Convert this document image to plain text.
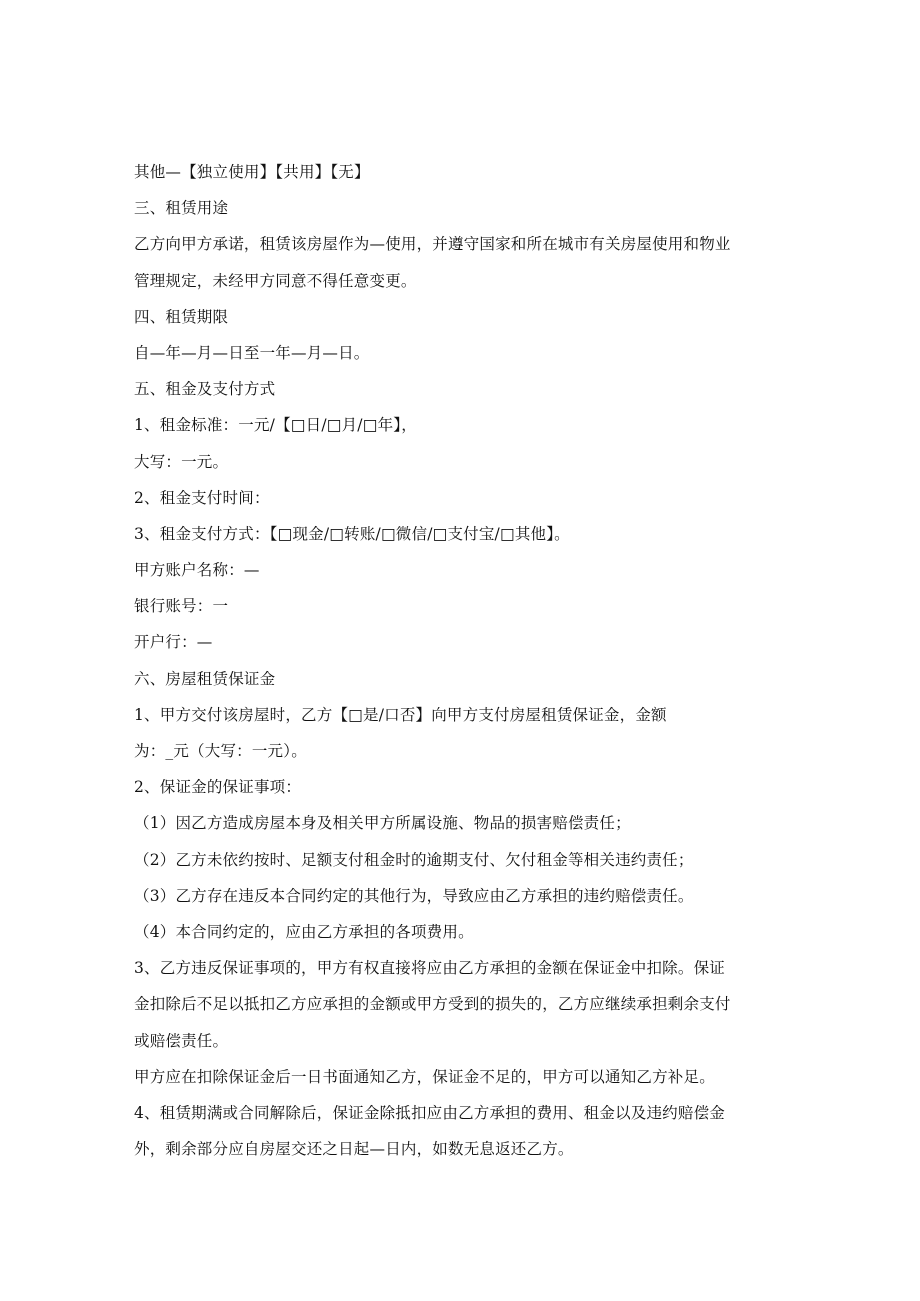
其他—【独立使用】【共用】【无】
三、租赁用途
乙方向甲方承诺，租赁该房屋作为—使用，并遵守国家和所在城市有关房屋使用和物业
管理规定，未经甲方同意不得任意变更。
四、租赁期限
自—年—月—日至一年—月—日。
五、租金及支付方式
1、租金标准：一元/【□日/□月/□年】，
大写：一元。
2、租金支付时间：
3、租金支付方式：【□现金/□转账/□微信/□支付宝/□其他】。
甲方账户名称：—
银行账号：一
开户行：—
六、房屋租赁保证金
1、甲方交付该房屋时，乙方【□是/口否】向甲方支付房屋租赁保证金，金额
为：_元（大写：一元）。
2、保证金的保证事项：
（1）因乙方造成房屋本身及相关甲方所属设施、物品的损害赔偿责任；
（2）乙方未依约按时、足额支付租金时的逾期支付、欠付租金等相关违约责任；
（3）乙方存在违反本合同约定的其他行为，导致应由乙方承担的违约赔偿责任。
（4）本合同约定的，应由乙方承担的各项费用。
3、乙方违反保证事项的，甲方有权直接将应由乙方承担的金额在保证金中扣除。保证
金扣除后不足以抵扣乙方应承担的金额或甲方受到的损失的，乙方应继续承担剩余支付
或赔偿责任。
甲方应在扣除保证金后一日书面通知乙方，保证金不足的，甲方可以通知乙方补足。
4、租赁期满或合同解除后，保证金除抵扣应由乙方承担的费用、租金以及违约赔偿金
外，剩余部分应自房屋交还之日起—日内，如数无息返还乙方。
